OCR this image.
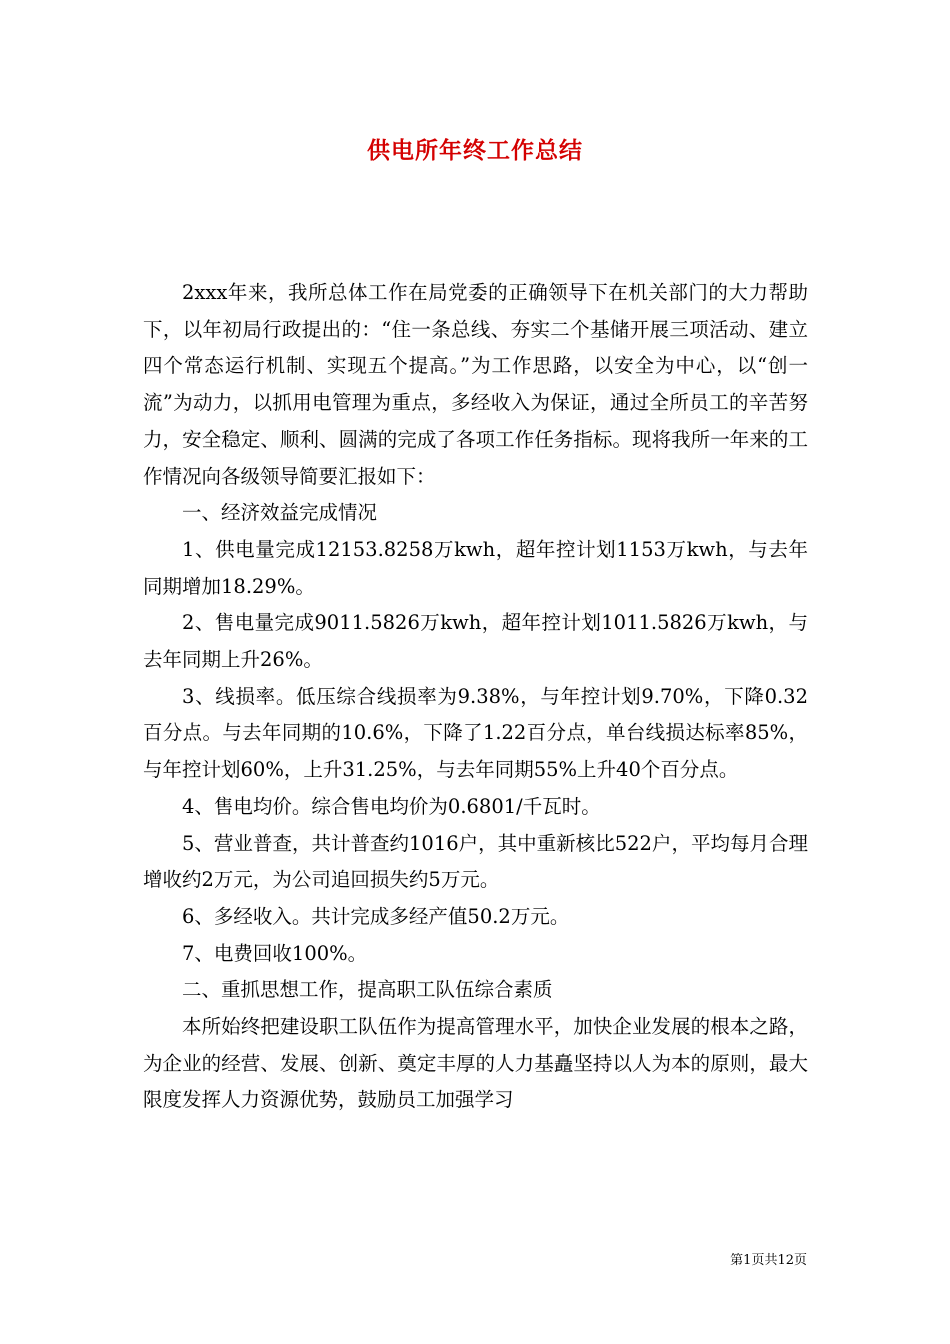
供电所年终工作总结

2xxx年来，我所总体工作在局党委的正确领导下在机关部门的大力帮助下，以年初局行政提出的：“住一条总线、夯实二个基储开展三项活动、建立四个常态运行机制、实现五个提高。”为工作思路，以安全为中心，以“创一流”为动力，以抓用电管理为重点，多经收入为保证，通过全所员工的辛苦努力，安全稳定、顺利、圆满的完成了各项工作任务指标。现将我所一年来的工作情况向各级领导简要汇报如下：

一、经济效益完成情况

1、供电量完成12153.8258万kwh，超年控计划1153万kwh，与去年同期增加18.29%。

2、售电量完成9011.5826万kwh，超年控计划1011.5826万kwh，与去年同期上升26%。

3、线损率。低压综合线损率为9.38%，与年控计划9.70%，下降0.32百分点。与去年同期的10.6%，下降了1.22百分点，单台线损达标率85%，与年控计划60%，上升31.25%，与去年同期55%上升40个百分点。

4、售电均价。综合售电均价为0.6801/千瓦时。

5、营业普查，共计普查约1016户，其中重新核比522户，平均每月合理增收约2万元，为公司追回损失约5万元。

6、多经收入。共计完成多经产值50.2万元。

7、电费回收100%。

二、重抓思想工作，提高职工队伍综合素质

本所始终把建设职工队伍作为提高管理水平，加快企业发展的根本之路，为企业的经营、发展、创新、奠定丰厚的人力基矗坚持以人为本的原则，最大限度发挥人力资源优势，鼓励员工加强学习

第1页共12页
